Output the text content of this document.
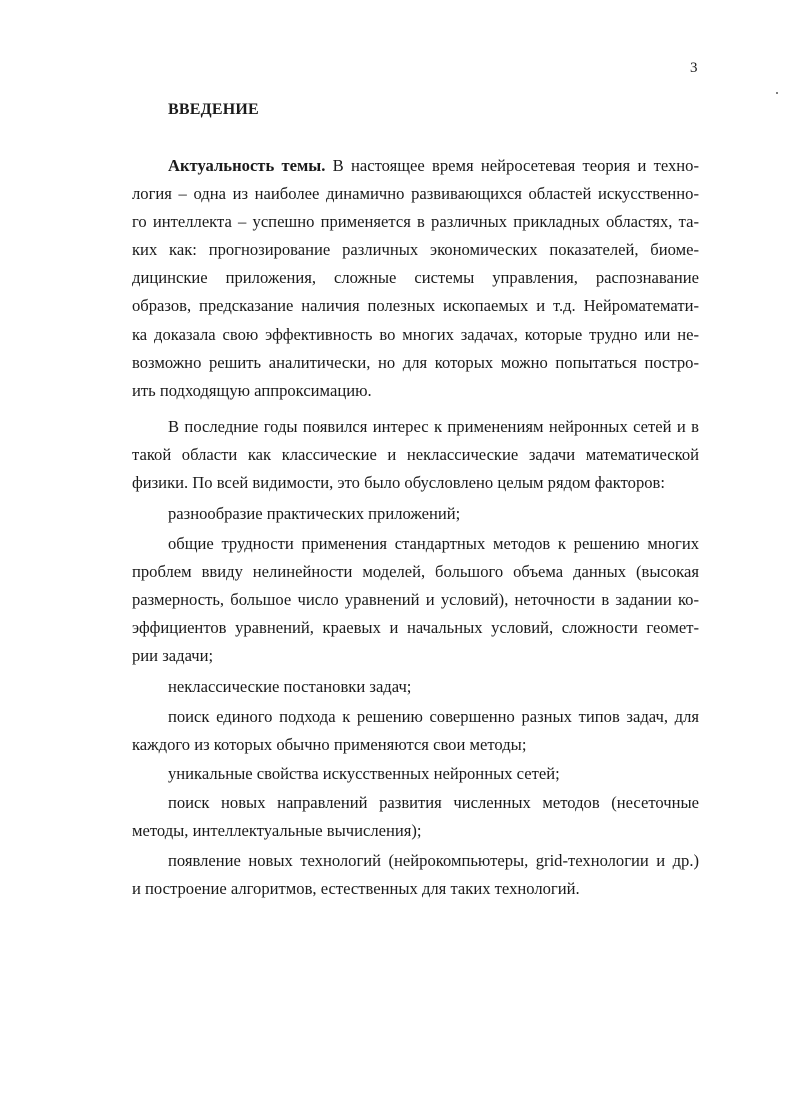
3
ВВЕДЕНИЕ
Актуальность темы. В настоящее время нейросетевая теория и техно-
логия – одна из наиболее динамично развивающихся областей искусственно-
го интеллекта – успешно применяется в различных прикладных областях, та-
ких как: прогнозирование различных экономических показателей, биоме-
дицинские приложения, сложные системы управления, распознавание
образов, предсказание наличия полезных ископаемых и т.д. Нейроматемати-
ка доказала свою эффективность во многих задачах, которые трудно или не-
возможно решить аналитически, но для которых можно попытаться постро-
ить подходящую аппроксимацию.
В последние годы появился интерес к применениям нейронных сетей и в
такой области как классические и неклассические задачи математической
физики. По всей видимости, это было обусловлено целым рядом факторов:
разнообразие практических приложений;
общие трудности применения стандартных методов к решению многих
проблем ввиду нелинейности моделей, большого объема данных (высокая
размерность, большое число уравнений и условий), неточности в задании ко-
эффициентов уравнений, краевых и начальных условий, сложности геомет-
рии задачи;
неклассические постановки задач;
поиск единого подхода к решению совершенно разных типов задач, для
каждого из которых обычно применяются свои методы;
уникальные свойства искусственных нейронных сетей;
поиск новых направлений развития численных методов (несеточные
методы, интеллектуальные вычисления);
появление новых технологий (нейрокомпьютеры, grid-технологии и др.)
и построение алгоритмов, естественных для таких технологий.
